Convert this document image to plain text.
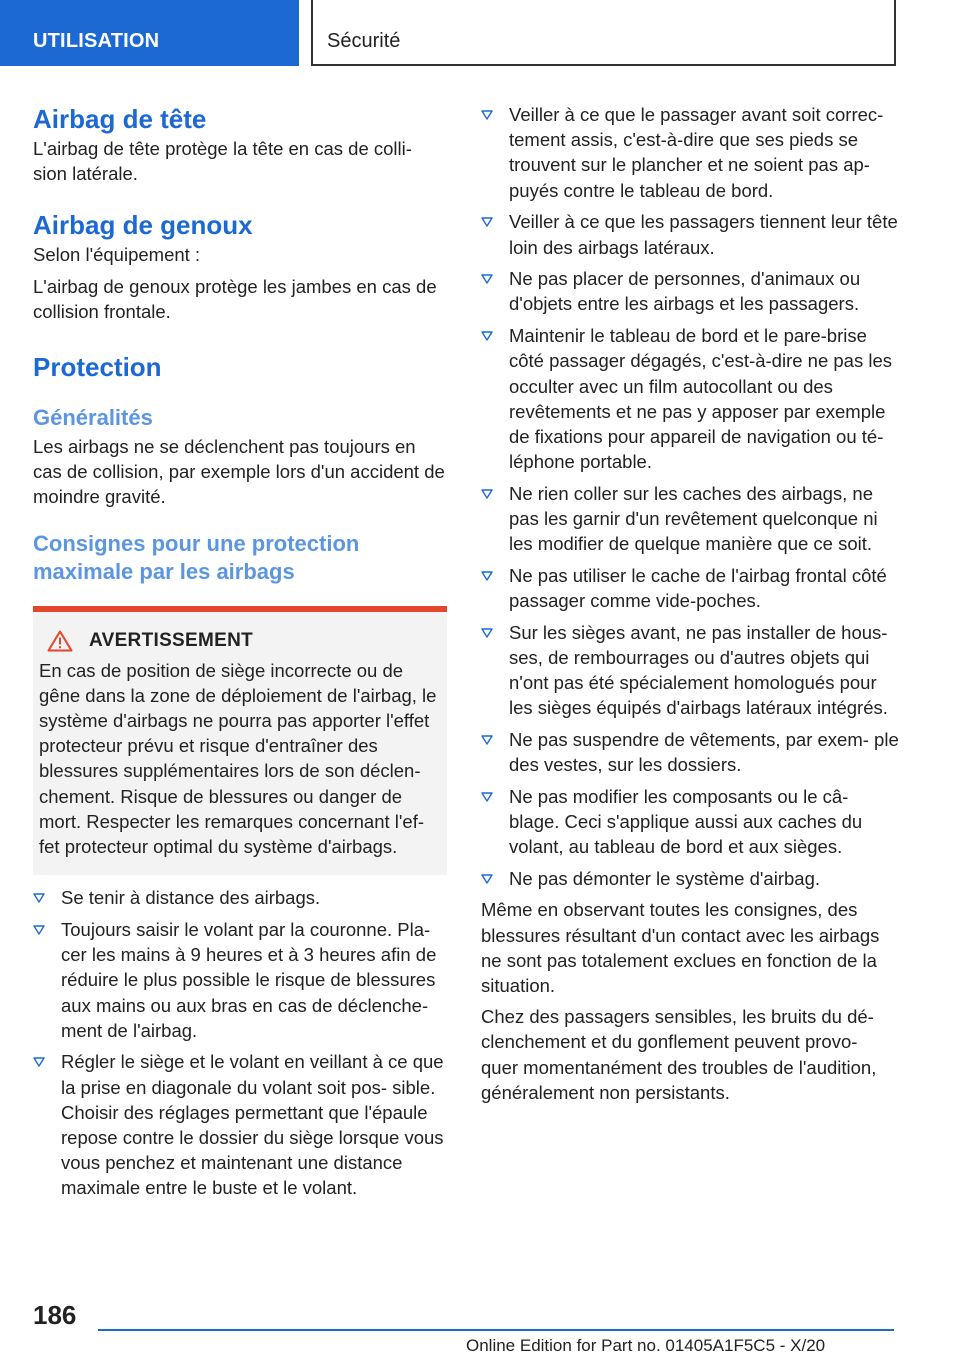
UTILISATION	Sécurité
Airbag de tête

L'airbag de tête protège la tête en cas de colli- sion latérale.

Airbag de genoux

Selon l'équipement :

L'airbag de genoux protège les jambes en cas de collision frontale.

Protection
Généralités

Les airbags ne se déclenchent pas toujours en cas de collision, par exemple lors d'un accident de moindre gravité.

Consignes pour une protection maximale par les airbags
AVERTISSEMENT

En cas de position de siège incorrecte ou de gêne dans la zone de déploiement de l'airbag, le système d'airbags ne pourra pas apporter l'effet protecteur prévu et risque d'entraîner des blessures supplémentaires lors de son déclen- chement. Risque de blessures ou danger de mort. Respecter les remarques concernant l'ef- fet protecteur optimal du système d'airbags.

Se tenir à distance des airbags.
Toujours saisir le volant par la couronne. Pla- cer les mains à 9 heures et à 3 heures afin de réduire le plus possible le risque de blessures aux mains ou aux bras en cas de déclenche- ment de l'airbag.
Régler le siège et le volant en veillant à ce que la prise en diagonale du volant soit pos- sible. Choisir des réglages permettant que l'épaule repose contre le dossier du siège lorsque vous vous penchez et maintenant une distance maximale entre le buste et le volant.
Veiller à ce que le passager avant soit correc- tement assis, c'est-à-dire que ses pieds se trouvent sur le plancher et ne soient pas ap- puyés contre le tableau de bord.
Veiller à ce que les passagers tiennent leur tête loin des airbags latéraux.
Ne pas placer de personnes, d'animaux ou d'objets entre les airbags et les passagers.
Maintenir le tableau de bord et le pare-brise côté passager dégagés, c'est-à-dire ne pas les occulter avec un film autocollant ou des revêtements et ne pas y apposer par exemple de fixations pour appareil de navigation ou té- léphone portable.
Ne rien coller sur les caches des airbags, ne pas les garnir d'un revêtement quelconque ni les modifier de quelque manière que ce soit.
Ne pas utiliser le cache de l'airbag frontal côté passager comme vide-poches.
Sur les sièges avant, ne pas installer de hous- ses, de rembourrages ou d'autres objets qui n'ont pas été spécialement homologués pour les sièges équipés d'airbags latéraux intégrés.
Ne pas suspendre de vêtements, par exem- ple des vestes, sur les dossiers.
Ne pas modifier les composants ou le câ- blage. Ceci s'applique aussi aux caches du volant, au tableau de bord et aux sièges.
Ne pas démonter le système d'airbag.

Même en observant toutes les consignes, des blessures résultant d'un contact avec les airbags ne sont pas totalement exclues en fonction de la situation.

Chez des passagers sensibles, les bruits du dé- clenchement et du gonflement peuvent provo- quer momentanément des troubles de l'audition, généralement non persistants.

186
Online Edition for Part no. 01405A1F5C5 - X/20
